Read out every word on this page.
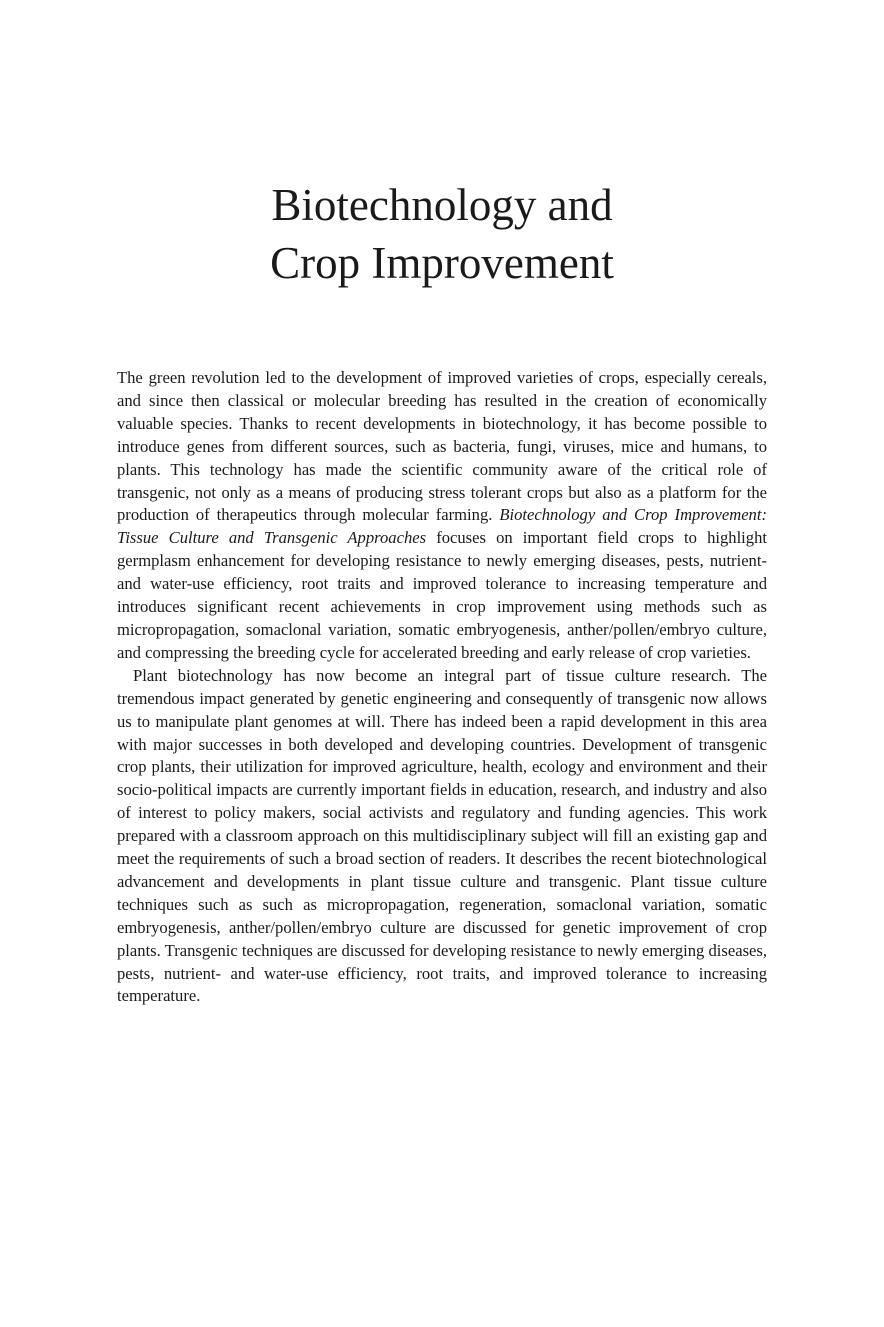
Biotechnology and
Crop Improvement

The green revolution led to the development of improved varieties of crops, especially cereals, and since then classical or molecular breeding has resulted in the creation of economically valuable species. Thanks to recent developments in biotechnology, it has become possible to introduce genes from different sources, such as bacteria, fungi, viruses, mice and humans, to plants. This technology has made the scientific community aware of the critical role of transgenic, not only as a means of producing stress tolerant crops but also as a platform for the production of therapeutics through molecular farming. Biotechnology and Crop Improvement: Tissue Culture and Transgenic Approaches focuses on important field crops to highlight germplasm enhancement for developing resistance to newly emerging diseases, pests, nutrient- and water-use efficiency, root traits and improved tolerance to increasing temperature and introduces significant recent achievements in crop improvement using methods such as micropropagation, somaclonal variation, somatic embryogenesis, anther/pollen/embryo culture, and compressing the breeding cycle for accelerated breeding and early release of crop varieties.

Plant biotechnology has now become an integral part of tissue culture research. The tremendous impact generated by genetic engineering and consequently of transgenic now allows us to manipulate plant genomes at will. There has indeed been a rapid development in this area with major successes in both developed and developing countries. Development of transgenic crop plants, their utilization for improved agriculture, health, ecology and environment and their socio-political impacts are currently important fields in education, research, and industry and also of interest to policy makers, social activists and regulatory and funding agencies. This work prepared with a classroom approach on this multidisciplinary subject will fill an existing gap and meet the requirements of such a broad section of readers. It describes the recent biotechnological advancement and developments in plant tissue culture and transgenic. Plant tissue culture techniques such as such as micropropagation, regeneration, somaclonal variation, somatic embryogenesis, anther/pollen/embryo culture are discussed for genetic improvement of crop plants. Transgenic techniques are discussed for developing resistance to newly emerging diseases, pests, nutrient- and water-use efficiency, root traits, and improved tolerance to increasing temperature.
